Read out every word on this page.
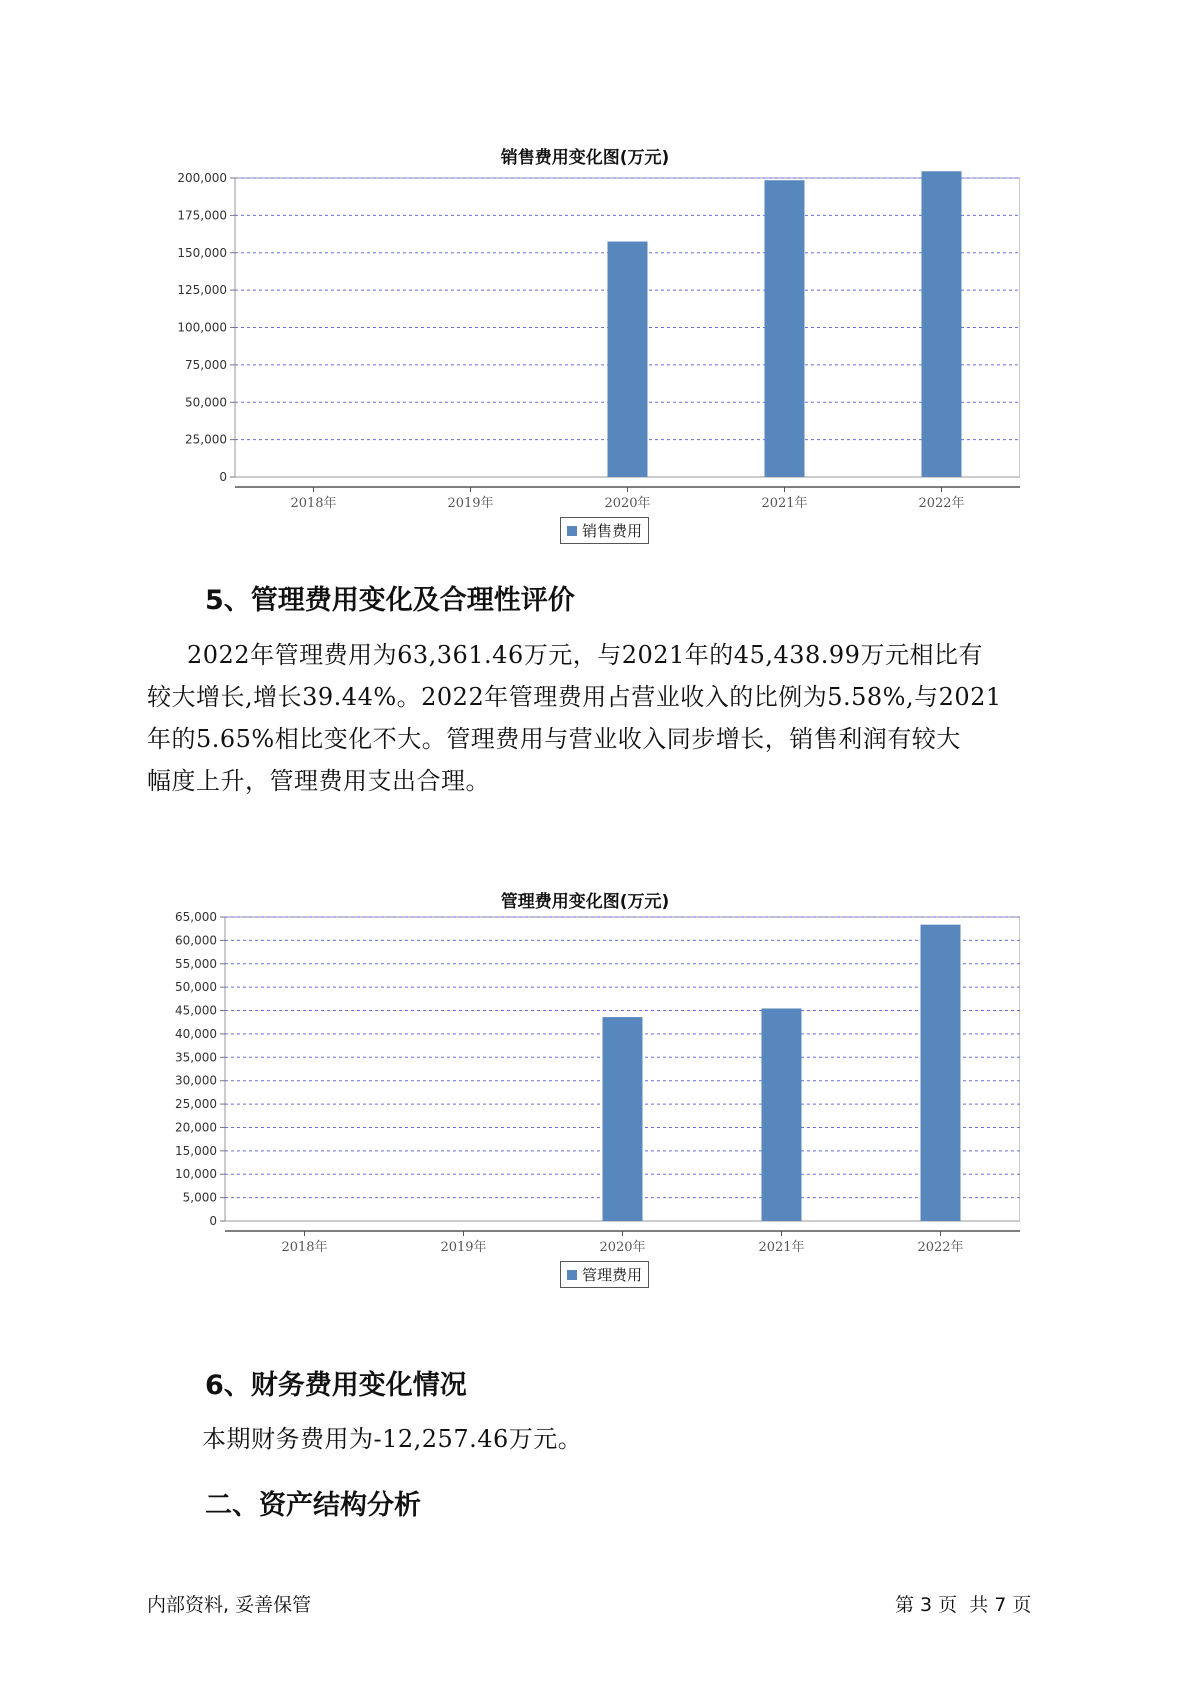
销售费用变化图(万元)
0
25,000
50,000
75,000
100,000
125,000
150,000
175,000
200,000
2018年	2019年	2020年	2021年	2022年
销售费用
5、管理费用变化及合理性评价
2022年管理费用为63,361.46万元，与2021年的45,438.99万元相比有
较大增长,增长39.44%。2022年管理费用占营业收入的比例为5.58%,与2021
年的5.65%相比变化不大。管理费用与营业收入同步增长，销售利润有较大
幅度上升，管理费用支出合理。
管理费用变化图(万元)
0
5,000
10,000
15,000
20,000
25,000
30,000
35,000
40,000
45,000
50,000
55,000
60,000
65,000
2018年	2019年	2020年	2021年	2022年
管理费用
6、财务费用变化情况

本期财务费用为-12,257.46万元。

二、资产结构分析
内部资料, 妥善保管	第 3 页  共 7 页
